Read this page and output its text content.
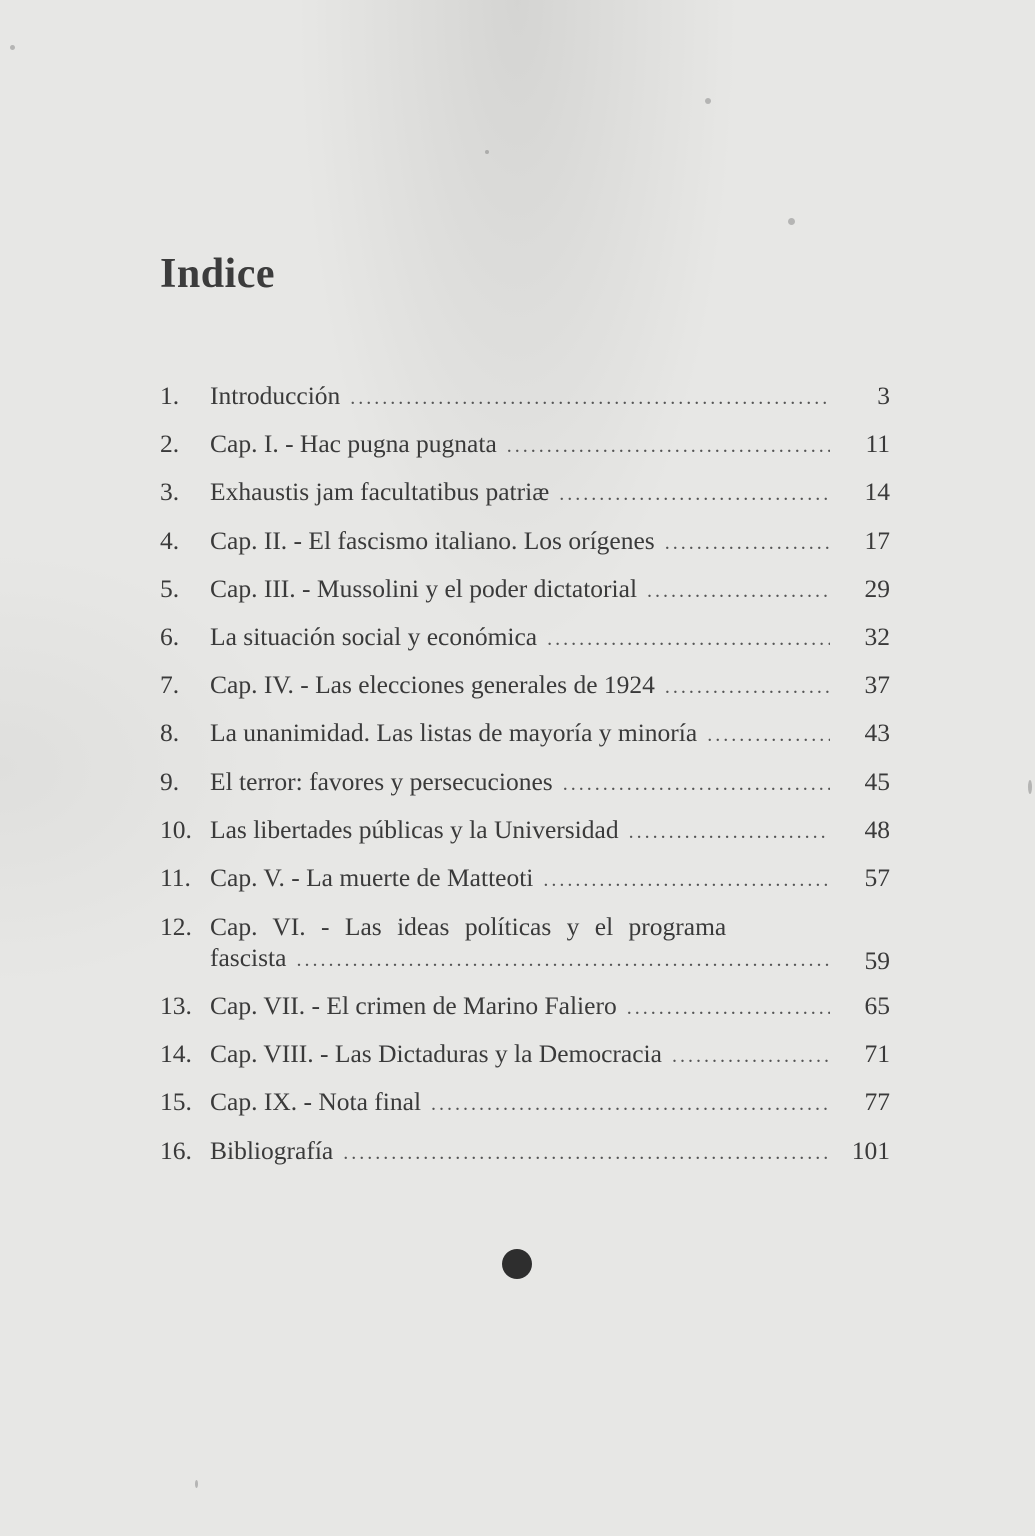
Indice
1.	Introducción . . .	3
2.	Cap. I. - Hac pugna pugnata . . .	11
3.	Exhaustis jam facultatibus patriæ . . .	14
4.	Cap. II. - El fascismo italiano. Los orígenes . . .	17
5.	Cap. III. - Mussolini y el poder dictatorial . . .	29
6.	La situación social y económica . . .	32
7.	Cap. IV. - Las elecciones generales de 1924 . . .	37
8.	La unanimidad. Las listas de mayoría y minoría . . .	43
9.	El terror: favores y persecuciones . . .	45
10. Las libertades públicas y la Universidad . . .	48
11. Cap. V. - La muerte de Matteoti . . .	57
12. Cap. VI. - Las ideas políticas y el programa
fascista . . .	59
13. Cap. VII. - El crimen de Marino Faliero . . .	65
14. Cap. VIII. - Las Dictaduras y la Democracia . . .	71
15. Cap. IX. - Nota final . . .	77
16. Bibliografía . . .	101
